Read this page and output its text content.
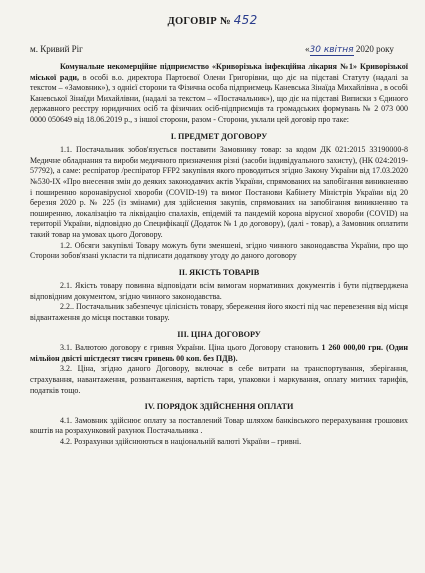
ДОГОВІР № 452
м. Кривий Ріг	«30 квітня 2020 року

Комунальне некомерційне підприємство «Криворізька інфекційна лікарня №1» Криворізької міської ради, в особі в.о. директора Партоєвої Олени Григорівни, що діє на підставі Статуту (надалі за текстом – «Замовник»), з однієї сторони та Фізична особа підприємець Каневська Зінаїда Михайлівна , в особі Каневської Зінаїди Михайлівни, (надалі за текстом – «Постачальник»), що діє на підставі Виписки з Єдиного державного реєстру юридичних осіб та фізичних осіб-підприємців та громадських формувань № 2 073 000 0000 050649 від 18.06.2019 р., з іншої сторони, разом - Сторони, уклали цей договір про таке:

І. ПРЕДМЕТ ДОГОВОРУ

1.1. Постачальник зобов'язується поставити Замовнику товар: за кодом ДК 021:2015 33190000-8 Медичне обладнання та вироби медичного призначення різні (засоби індивідуального захисту), (НК 024:2019-57792), а саме: респіратор /респіратор FFP2 закупівля якого проводиться згідно Закону України від 17.03.2020 №530-ІХ «Про внесення змін до деяких законодавчих актів України, спрямованих на запобігання виникненню і поширенню коронавірусної хвороби (COVID-19) та вимог Постанови Кабінету Міністрів України від 20 березня 2020 р. № 225 (із змінами) для здійснення закупів, спрямованих на запобігання виникненню та поширенню, локалізацію та ліквідацію спалахів, епідемій та пандемій корона вірусної хвороби (COVID) на території України, відповідно до Специфікації (Додаток № 1 до договору), (далі - товар), а Замовник оплатити такий товар на умовах цього Договору.

1.2. Обсяги закупівлі Товару можуть бути зменшені, згідно чинного законодавства України, про що Сторони зобов'язані укласти та підписати додаткову угоду до даного договору

ІІ. ЯКІСТЬ ТОВАРІВ

2.1. Якість товару повинна відповідати всім вимогам нормативних документів і бути підтверджена відповідним документом, згідно чинного законодавства.

2.2.. Постачальник забезпечує цілісність товару, збереження його якості під час перевезення від місця відвантаження до місця поставки товару.

ІІІ. ЦІНА ДОГОВОРУ

3.1. Валютою договору є гривня України. Ціна цього Договору становить 1 260 000,00 грн. (Один мільйон двісті шістдесят тисяч гривень 00 коп. без ПДВ).

3.2. Ціна, згідно даного Договору, включає в себе витрати на транспортування, зберігання, страхування, навантаження, розвантаження, вартість тари, упаковки і маркування, оплату митних тарифів, податків тощо.

IV. ПОРЯДОК ЗДІЙСНЕННЯ ОПЛАТИ

4.1. Замовник здійснює оплату за поставлений Товар шляхом банківського перерахування грошових коштів на розрахунковий рахунок Постачальника .

4.2. Розрахунки здійснюються в національній валюті України – гривні.
